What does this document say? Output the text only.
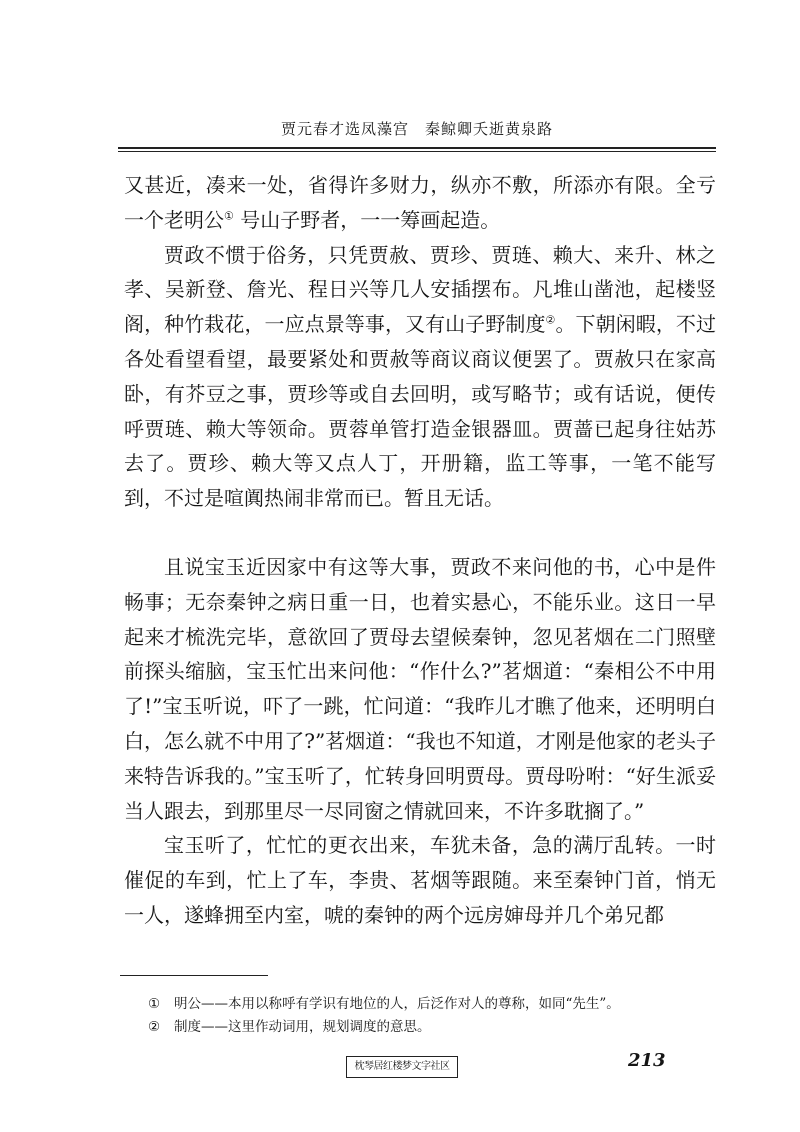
贾元春才选凤藻宫　秦鲸卿夭逝黄泉路

又甚近，凑来一处，省得许多财力，纵亦不敷，所添亦有限。全亏一个老明公① 号山子野者，一一筹画起造。

贾政不惯于俗务，只凭贾赦、贾珍、贾琏、赖大、来升、林之孝、吴新登、詹光、程日兴等几人安插摆布。凡堆山凿池，起楼竖阁，种竹栽花，一应点景等事，又有山子野制度②。下朝闲暇，不过各处看望看望，最要紧处和贾赦等商议商议便罢了。贾赦只在家高卧，有芥豆之事，贾珍等或自去回明，或写略节；或有话说，便传呼贾琏、赖大等领命。贾蓉单管打造金银器皿。贾蔷已起身往姑苏去了。贾珍、赖大等又点人丁，开册籍，监工等事，一笔不能写到，不过是喧阗热闹非常而已。暂且无话。

且说宝玉近因家中有这等大事，贾政不来问他的书，心中是件畅事；无奈秦钟之病日重一日，也着实悬心，不能乐业。这日一早起来才梳洗完毕，意欲回了贾母去望候秦钟，忽见茗烟在二门照壁前探头缩脑，宝玉忙出来问他：“作什么?”茗烟道：“秦相公不中用了!”宝玉听说，吓了一跳，忙问道：“我昨儿才瞧了他来，还明明白白，怎么就不中用了?”茗烟道：“我也不知道，才刚是他家的老头子来特告诉我的。”宝玉听了，忙转身回明贾母。贾母吩咐：“好生派妥当人跟去，到那里尽一尽同窗之情就回来，不许多耽搁了。”

宝玉听了，忙忙的更衣出来，车犹未备，急的满厅乱转。一时催促的车到，忙上了车，李贵、茗烟等跟随。来至秦钟门首，悄无一人，遂蜂拥至内室，唬的秦钟的两个远房婶母并几个弟兄都

① 明公——本用以称呼有学识有地位的人，后泛作对人的尊称，如同“先生”。
② 制度——这里作动词用，规划调度的意思。
枕琴居红楼梦文字社区	213
